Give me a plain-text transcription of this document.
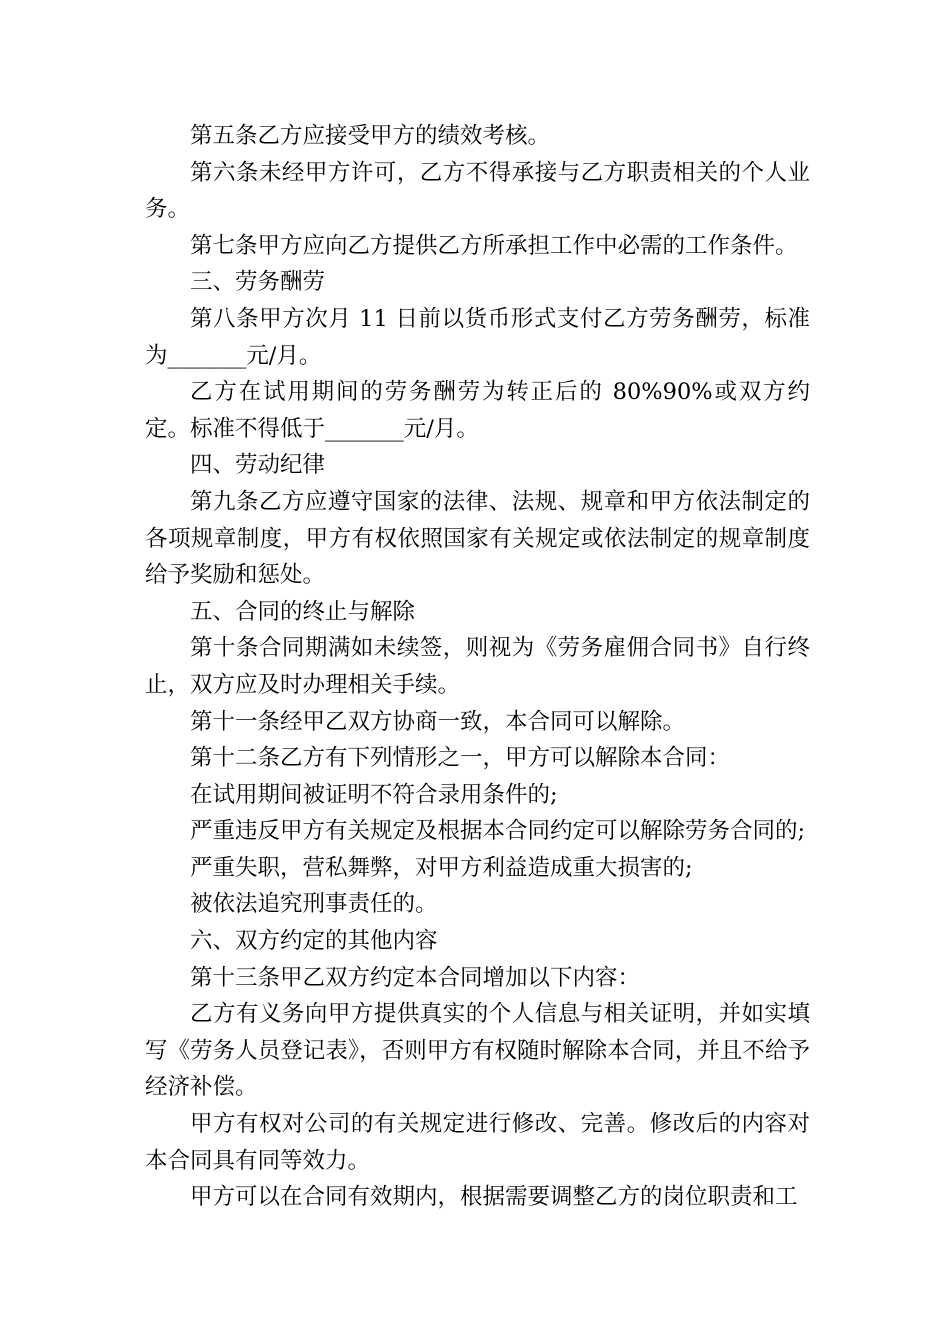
第五条乙方应接受甲方的绩效考核。

第六条未经甲方许可，乙方不得承接与乙方职责相关的个人业务。

第七条甲方应向乙方提供乙方所承担工作中必需的工作条件。

三、劳务酬劳

第八条甲方次月 11 日前以货币形式支付乙方劳务酬劳，标准为_______元/月。

乙方在试用期间的劳务酬劳为转正后的 80%90%或双方约定。标准不得低于_______元/月。

四、劳动纪律

第九条乙方应遵守国家的法律、法规、规章和甲方依法制定的各项规章制度，甲方有权依照国家有关规定或依法制定的规章制度给予奖励和惩处。

五、合同的终止与解除

第十条合同期满如未续签，则视为《劳务雇佣合同书》自行终止，双方应及时办理相关手续。

第十一条经甲乙双方协商一致，本合同可以解除。

第十二条乙方有下列情形之一，甲方可以解除本合同：

在试用期间被证明不符合录用条件的;

严重违反甲方有关规定及根据本合同约定可以解除劳务合同的;

严重失职，营私舞弊，对甲方利益造成重大损害的;

被依法追究刑事责任的。

六、双方约定的其他内容

第十三条甲乙双方约定本合同增加以下内容：

乙方有义务向甲方提供真实的个人信息与相关证明，并如实填写《劳务人员登记表》，否则甲方有权随时解除本合同，并且不给予经济补偿。

甲方有权对公司的有关规定进行修改、完善。修改后的内容对本合同具有同等效力。

甲方可以在合同有效期内，根据需要调整乙方的岗位职责和工
